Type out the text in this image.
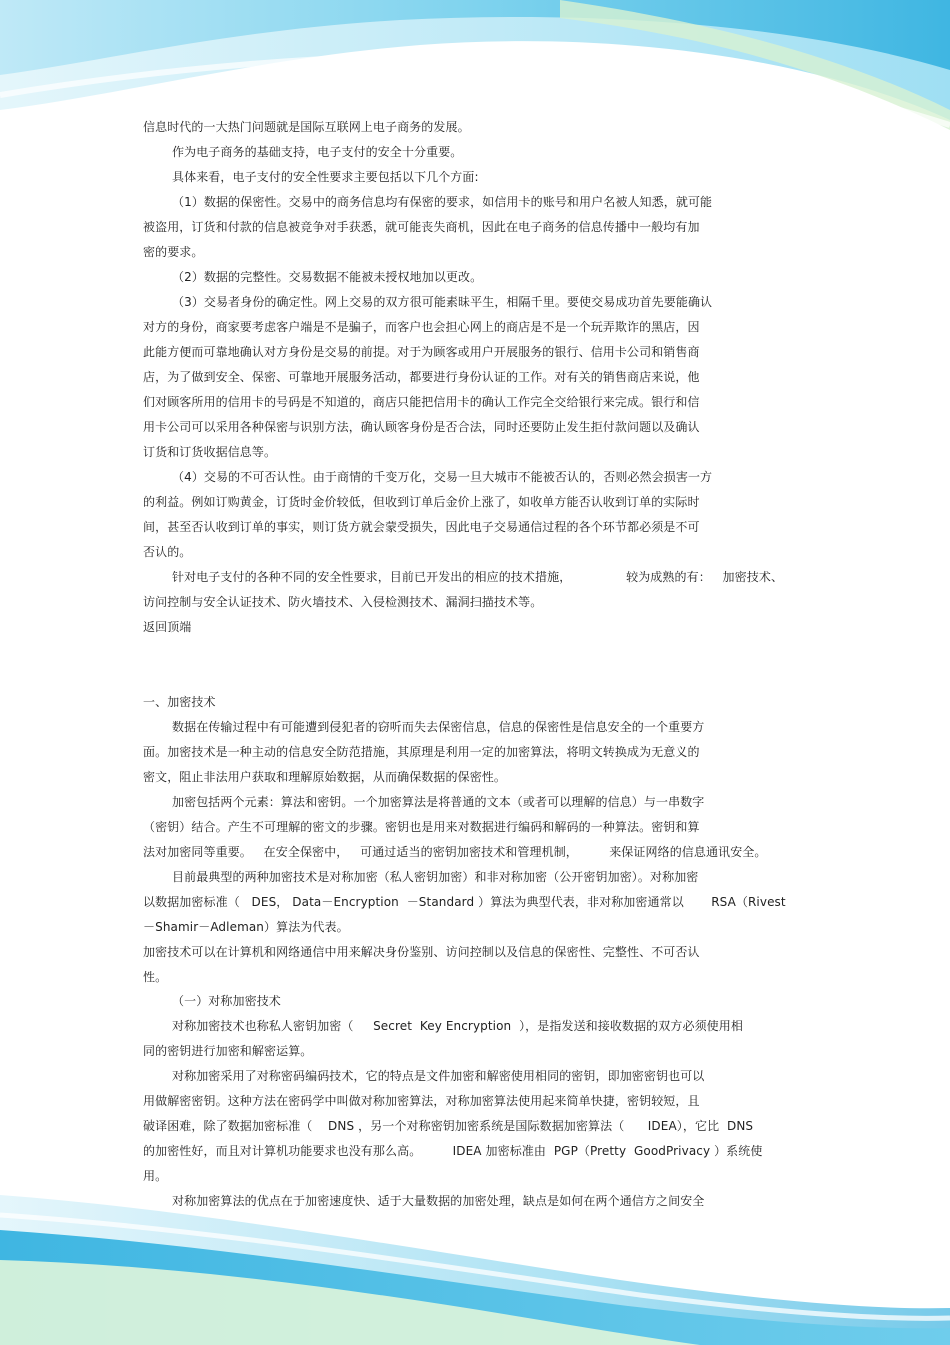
信息时代的一大热门问题就是国际互联网上电子商务的发展。
作为电子商务的基础支持，电子支付的安全十分重要。
具体来看，电子支付的安全性要求主要包括以下几个方面:
（1）数据的保密性。交易中的商务信息均有保密的要求，如信用卡的账号和用户名被人知悉，就可能
被盗用，订货和付款的信息被竞争对手获悉，就可能丧失商机，因此在电子商务的信息传播中一般均有加
密的要求。
（2）数据的完整性。交易数据不能被未授权地加以更改。
（3）交易者身份的确定性。网上交易的双方很可能素昧平生，相隔千里。要使交易成功首先要能确认
对方的身份，商家要考虑客户端是不是骗子，而客户也会担心网上的商店是不是一个玩弄欺诈的黑店，因
此能方便而可靠地确认对方身份是交易的前提。对于为顾客或用户开展服务的银行、信用卡公司和销售商
店，为了做到安全、保密、可靠地开展服务活动，都要进行身份认证的工作。对有关的销售商店来说，他
们对顾客所用的信用卡的号码是不知道的，商店只能把信用卡的确认工作完全交给银行来完成。银行和信
用卡公司可以采用各种保密与识别方法，确认顾客身份是否合法，同时还要防止发生拒付款问题以及确认
订货和订货收据信息等。
（4）交易的不可否认性。由于商情的千变万化，交易一旦大城市不能被否认的，否则必然会损害一方
的利益。例如订购黄金，订货时金价较低，但收到订单后金价上涨了，如收单方能否认收到订单的实际时
间，甚至否认收到订单的事实，则订货方就会蒙受损失，因此电子交易通信过程的各个环节都必须是不可
否认的。
针对电子支付的各种不同的安全性要求，目前已开发出的相应的技术措施，              较为成熟的有：   加密技术、
访问控制与安全认证技术、防火墙技术、入侵检测技术、漏洞扫描技术等。
返回顶端
一、加密技术
数据在传输过程中有可能遭到侵犯者的窃听而失去保密信息，信息的保密性是信息安全的一个重要方
面。加密技术是一种主动的信息安全防范措施，其原理是利用一定的加密算法，将明文转换成为无意义的
密文，阻止非法用户获取和理解原始数据，从而确保数据的保密性。
加密包括两个元素：算法和密钥。一个加密算法是将普通的文本（或者可以理解的信息）与一串数字
（密钥）结合。产生不可理解的密文的步骤。密钥也是用来对数据进行编码和解码的一种算法。密钥和算
法对加密同等重要。   在安全保密中，   可通过适当的密钥加密技术和管理机制，        来保证网络的信息通讯安全。
目前最典型的两种加密技术是对称加密（私人密钥加密）和非对称加密（公开密钥加密）。对称加密
以数据加密标准（   DES， Data－Encryption  －Standard ）算法为典型代表，非对称加密通常以       RSA（Rivest
－Shamir－Adleman）算法为代表。
加密技术可以在计算机和网络通信中用来解决身份鉴别、访问控制以及信息的保密性、完整性、不可否认
性。
（一）对称加密技术
对称加密技术也称私人密钥加密（     Secret  Key Encryption  ），是指发送和接收数据的双方必须使用相
同的密钥进行加密和解密运算。
对称加密采用了对称密码编码技术，它的特点是文件加密和解密使用相同的密钥，即加密密钥也可以
用做解密密钥。这种方法在密码学中叫做对称加密算法，对称加密算法使用起来简单快捷，密钥较短，且
破译困难，除了数据加密标准（    DNS ，另一个对称密钥加密系统是国际数据加密算法（      IDEA），它比  DNS
的加密性好，而且对计算机功能要求也没有那么高。        IDEA 加密标准由  PGP（Pretty  GoodPrivacy ）系统使
用。
对称加密算法的优点在于加密速度快、适于大量数据的加密处理，缺点是如何在两个通信方之间安全
